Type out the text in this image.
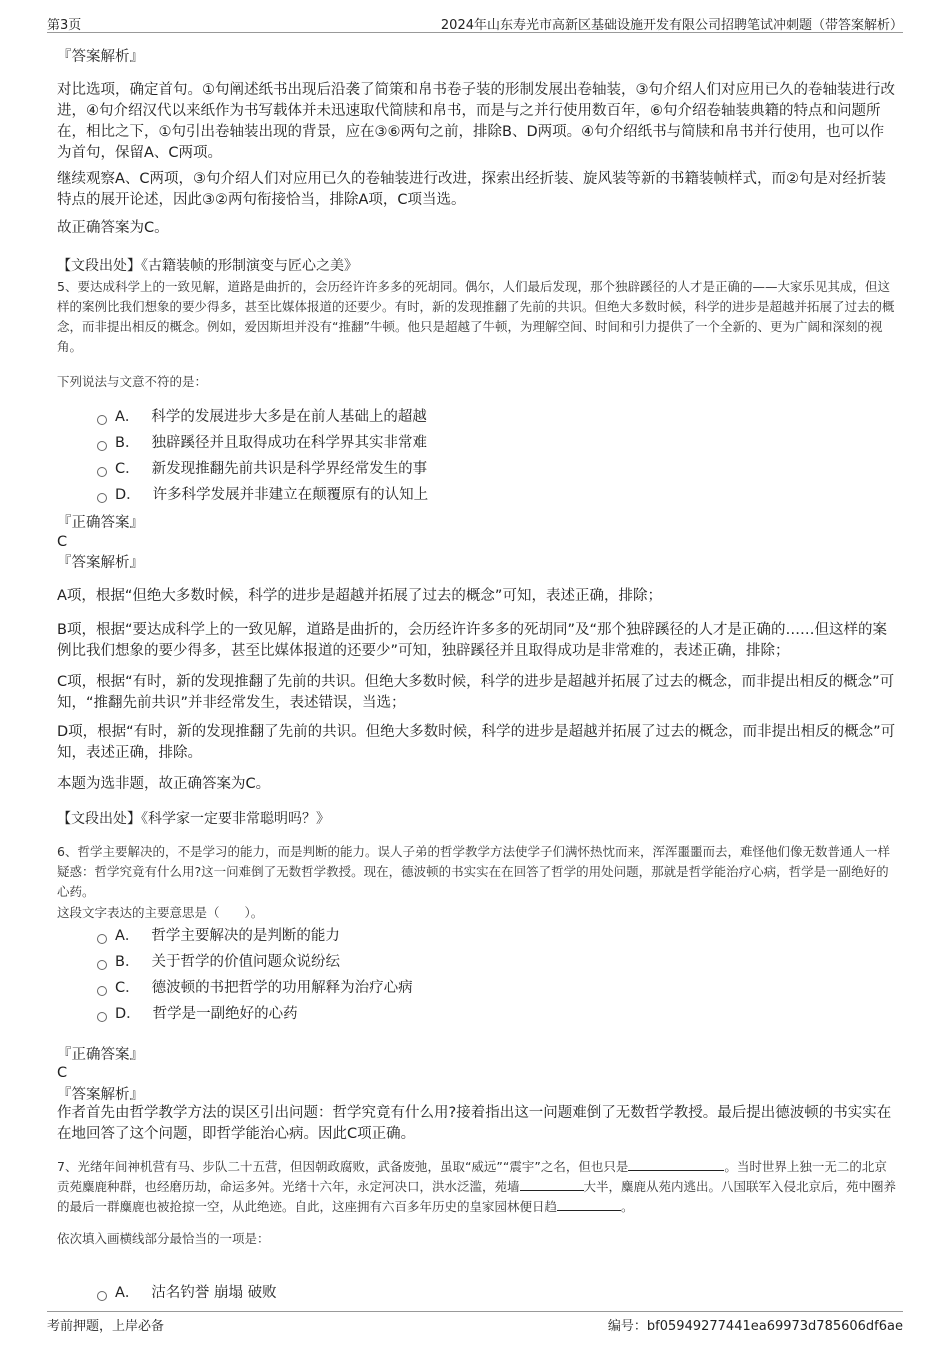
第3页	2024年山东寿光市高新区基础设施开发有限公司招聘笔试冲刺题（带答案解析）
『答案解析』
对比选项，确定首句。①句阐述纸书出现后沿袭了简策和帛书卷子装的形制发展出卷轴装，③句介绍人们对应用已久的卷轴装进行改进，④句介绍汉代以来纸作为书写载体并未迅速取代简牍和帛书，而是与之并行使用数百年，⑥句介绍卷轴装典籍的特点和问题所在，相比之下，①句引出卷轴装出现的背景，应在③⑥两句之前，排除B、D两项。④句介绍纸书与简牍和帛书并行使用，也可以作为首句，保留A、C两项。
继续观察A、C两项，③句介绍人们对应用已久的卷轴装进行改进，探索出经折装、旋风装等新的书籍装帧样式，而②句是对经折装特点的展开论述，因此③②两句衔接恰当，排除A项，C项当选。
故正确答案为C。
【文段出处】《古籍装帧的形制演变与匠心之美》
5、要达成科学上的一致见解，道路是曲折的，会历经许许多多的死胡同。偶尔，人们最后发现，那个独辟蹊径的人才是正确的——大家乐见其成，但这样的案例比我们想象的要少得多，甚至比媒体报道的还要少。有时，新的发现推翻了先前的共识。但绝大多数时候，科学的进步是超越并拓展了过去的概念，而非提出相反的概念。例如，爱因斯坦并没有“推翻”牛顿。他只是超越了牛顿，为理解空间、时间和引力提供了一个全新的、更为广阔和深刻的视角。
下列说法与文意不符的是：
A． 科学的发展进步大多是在前人基础上的超越
B． 独辟蹊径并且取得成功在科学界其实非常难
C． 新发现推翻先前共识是科学界经常发生的事
D． 许多科学发展并非建立在颠覆原有的认知上
『正确答案』
C
『答案解析』
A项，根据“但绝大多数时候，科学的进步是超越并拓展了过去的概念”可知，表述正确，排除；
B项，根据“要达成科学上的一致见解，道路是曲折的，会历经许许多多的死胡同”及“那个独辟蹊径的人才是正确的……但这样的案例比我们想象的要少得多，甚至比媒体报道的还要少”可知，独辟蹊径并且取得成功是非常难的，表述正确，排除；
C项，根据“有时，新的发现推翻了先前的共识。但绝大多数时候，科学的进步是超越并拓展了过去的概念，而非提出相反的概念”可知，“推翻先前共识”并非经常发生，表述错误，当选；
D项，根据“有时，新的发现推翻了先前的共识。但绝大多数时候，科学的进步是超越并拓展了过去的概念，而非提出相反的概念”可知，表述正确，排除。
本题为选非题，故正确答案为C。
【文段出处】《科学家一定要非常聪明吗？》
6、哲学主要解决的，不是学习的能力，而是判断的能力。误人子弟的哲学教学方法使学子们满怀热忱而来，浑浑噩噩而去，难怪他们像无数普通人一样疑惑：哲学究竟有什么用?这一问难倒了无数哲学教授。现在，德波顿的书实实在在回答了哲学的用处问题，那就是哲学能治疗心病，哲学是一副绝好的心药。
这段文字表达的主要意思是（　　）。
A． 哲学主要解决的是判断的能力
B． 关于哲学的价值问题众说纷纭
C． 德波顿的书把哲学的功用解释为治疗心病
D． 哲学是一副绝好的心药
『正确答案』
C
『答案解析』
作者首先由哲学教学方法的误区引出问题：哲学究竟有什么用?接着指出这一问题难倒了无数哲学教授。最后提出德波顿的书实实在在地回答了这个问题，即哲学能治心病。因此C项正确。
7、光绪年间神机营有马、步队二十五营，但因朝政腐败，武备废弛，虽取“威远”“震宇”之名，但也只是	。当时世界上独一无二的北京贡苑麋鹿种群，也经磨历劫，命运多舛。光绪十六年，永定河决口，洪水泛滥，苑墙	大半，麋鹿从苑内逃出。八国联军入侵北京后，苑中圈养的最后一群麋鹿也被抢掠一空，从此绝迹。自此，这座拥有六百多年历史的皇家园林便日趋	。
依次填入画横线部分最恰当的一项是：
A． 沽名钓誉 崩塌 破败
考前押题，上岸必备	编号：bf05949277441ea69973d785606df6ae
